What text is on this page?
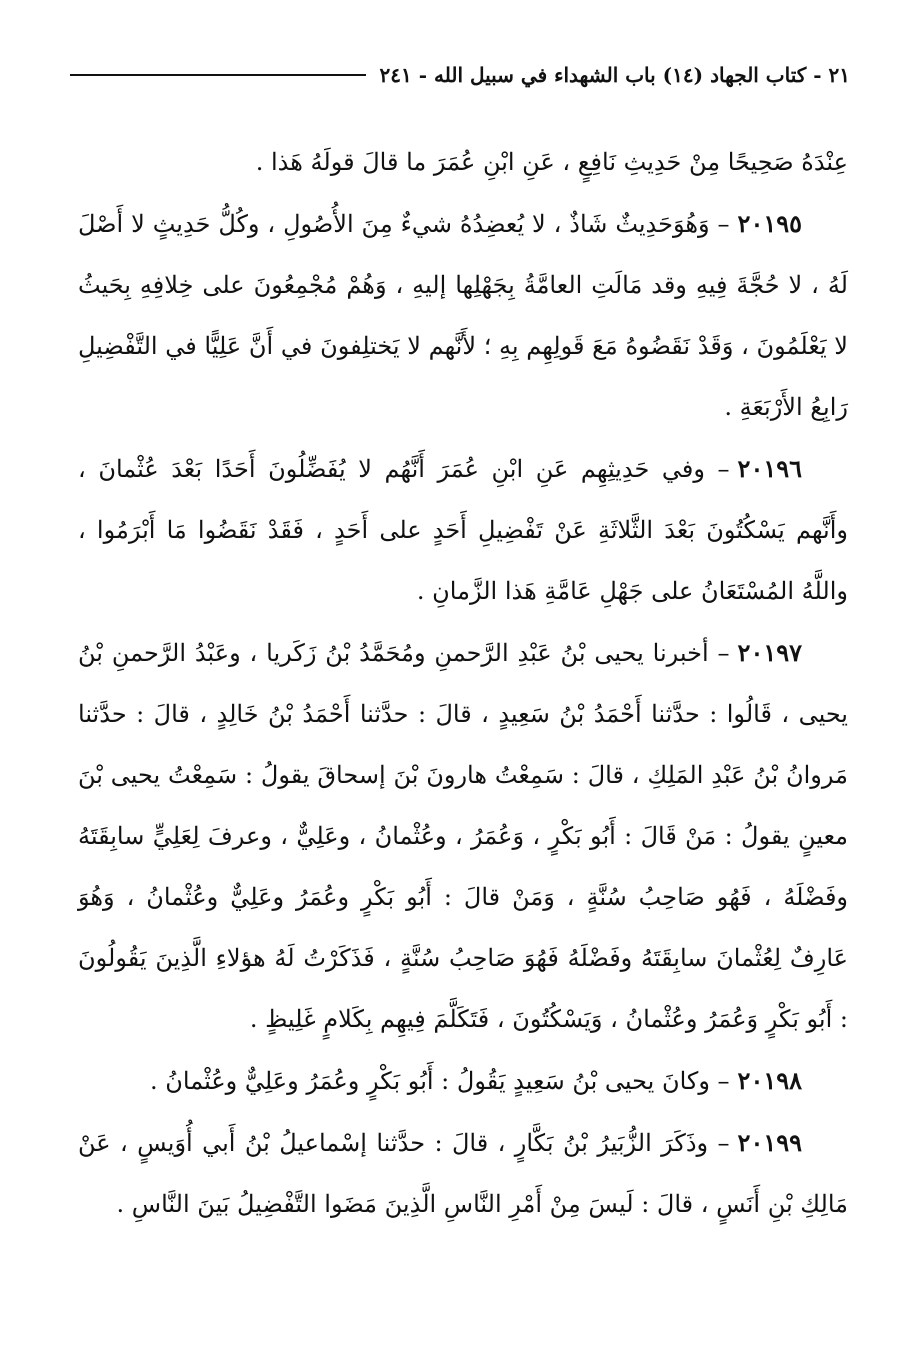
٢١ - كتاب الجهاد (١٤) باب الشهداء في سبيل الله - ٢٤١

عِنْدَهُ صَحِيحًا مِنْ حَدِيثِ نَافِعٍ ، عَنِ ابْنِ عُمَرَ ما قالَ قولَهُ هَذا .

٢٠١٩٥– وَهُوَحَدِيثٌ شَاذٌ ، لا يُعضِدُهُ شيءٌ مِنَ الأُصُولِ ، وكُلُّ حَدِيثٍ لا أَصْلَ لَهُ ، لا حُجَّةَ فِيهِ وقد مَالَتِ العامَّةُ بِجَهْلِها إليهِ ، وَهُمْ مُجْمِعُونَ على خِلافِهِ بِحَيثُ لا يَعْلَمُونَ ، وَقَدْ نَقَضُوهُ مَعَ قَولِهِم بِهِ ؛ لأَنَّهم لا يَختلِفونَ في أَنَّ عَلِيًّا في التَّفْضِيلِ رَابِعُ الأَرْبَعَةِ .

٢٠١٩٦– وفي حَدِيثِهِم عَنِ ابْنِ عُمَرَ أَنَّهُم لا يُفَضِّلُونَ أَحَدًا بَعْدَ عُثْمانَ ، وأَنَّهم يَسْكُتُونَ بَعْدَ الثَّلاثَةِ عَنْ تَفْضِيلِ أَحَدٍ على أَحَدٍ ، فَقَدْ نَقَضُوا مَا أَبْرَمُوا ، واللَّهُ المُسْتَعَانُ على جَهْلِ عَامَّةِ هَذا الزَّمانِ .

٢٠١٩٧– أخبرنا يحيى بْنُ عَبْدِ الرَّحمنِ ومُحَمَّدُ بْنُ زَكَريا ، وعَبْدُ الرَّحمنِ بْنُ يحيى ، قَالُوا : حدَّثنا أَحْمَدُ بْنُ سَعِيدٍ ، قالَ : حدَّثنا أَحْمَدُ بْنُ خَالِدٍ ، قالَ : حدَّثنا مَروانُ بْنُ عَبْدِ المَلِكِ ، قالَ : سَمِعْتُ هارونَ بْنَ إسحاقَ يقولُ : سَمِعْتُ يحيى بْنَ معينٍ يقولُ : مَنْ قَالَ : أَبُو بَكْرٍ ، وَعُمَرُ ، وعُثْمانُ ، وعَلِيٌّ ، وعرفَ لِعَلِيٍّ سابِقَتَهُ وفَضْلَهُ ، فَهُو صَاحِبُ سُنَّةٍ ، وَمَنْ قالَ : أَبُو بَكْرٍ وعُمَرُ وعَلِيٌّ وعُثْمانُ ، وَهُوَ عَارِفٌ لِعُثْمانَ سابِقَتَهُ وفَضْلَهُ فَهُوَ صَاحِبُ سُنَّةٍ ، فَذَكَرْتُ لَهُ هؤلاءِ الَّذِينَ يَقُولُونَ : أَبُو بَكْرٍ وَعُمَرُ وعُثْمانُ ، وَيَسْكُتُونَ ، فَتَكَلَّمَ فِيهِم بِكَلامٍ غَلِيظٍ .

٢٠١٩٨– وكانَ يحيى بْنُ سَعِيدٍ يَقُولُ : أَبُو بَكْرٍ وعُمَرُ وعَلِيٌّ وعُثْمانُ .

٢٠١٩٩– وذَكَرَ الزُّبَيرُ بْنُ بَكَّارٍ ، قالَ : حدَّثنا إسْماعيلُ بْنُ أَبي أُوَيسٍ ، عَنْ مَالِكِ بْنِ أَنَسٍ ، قالَ : لَيسَ مِنْ أَمْرِ النَّاسِ الَّذِينَ مَضَوا التَّفْضِيلُ بَينَ النَّاسِ .
